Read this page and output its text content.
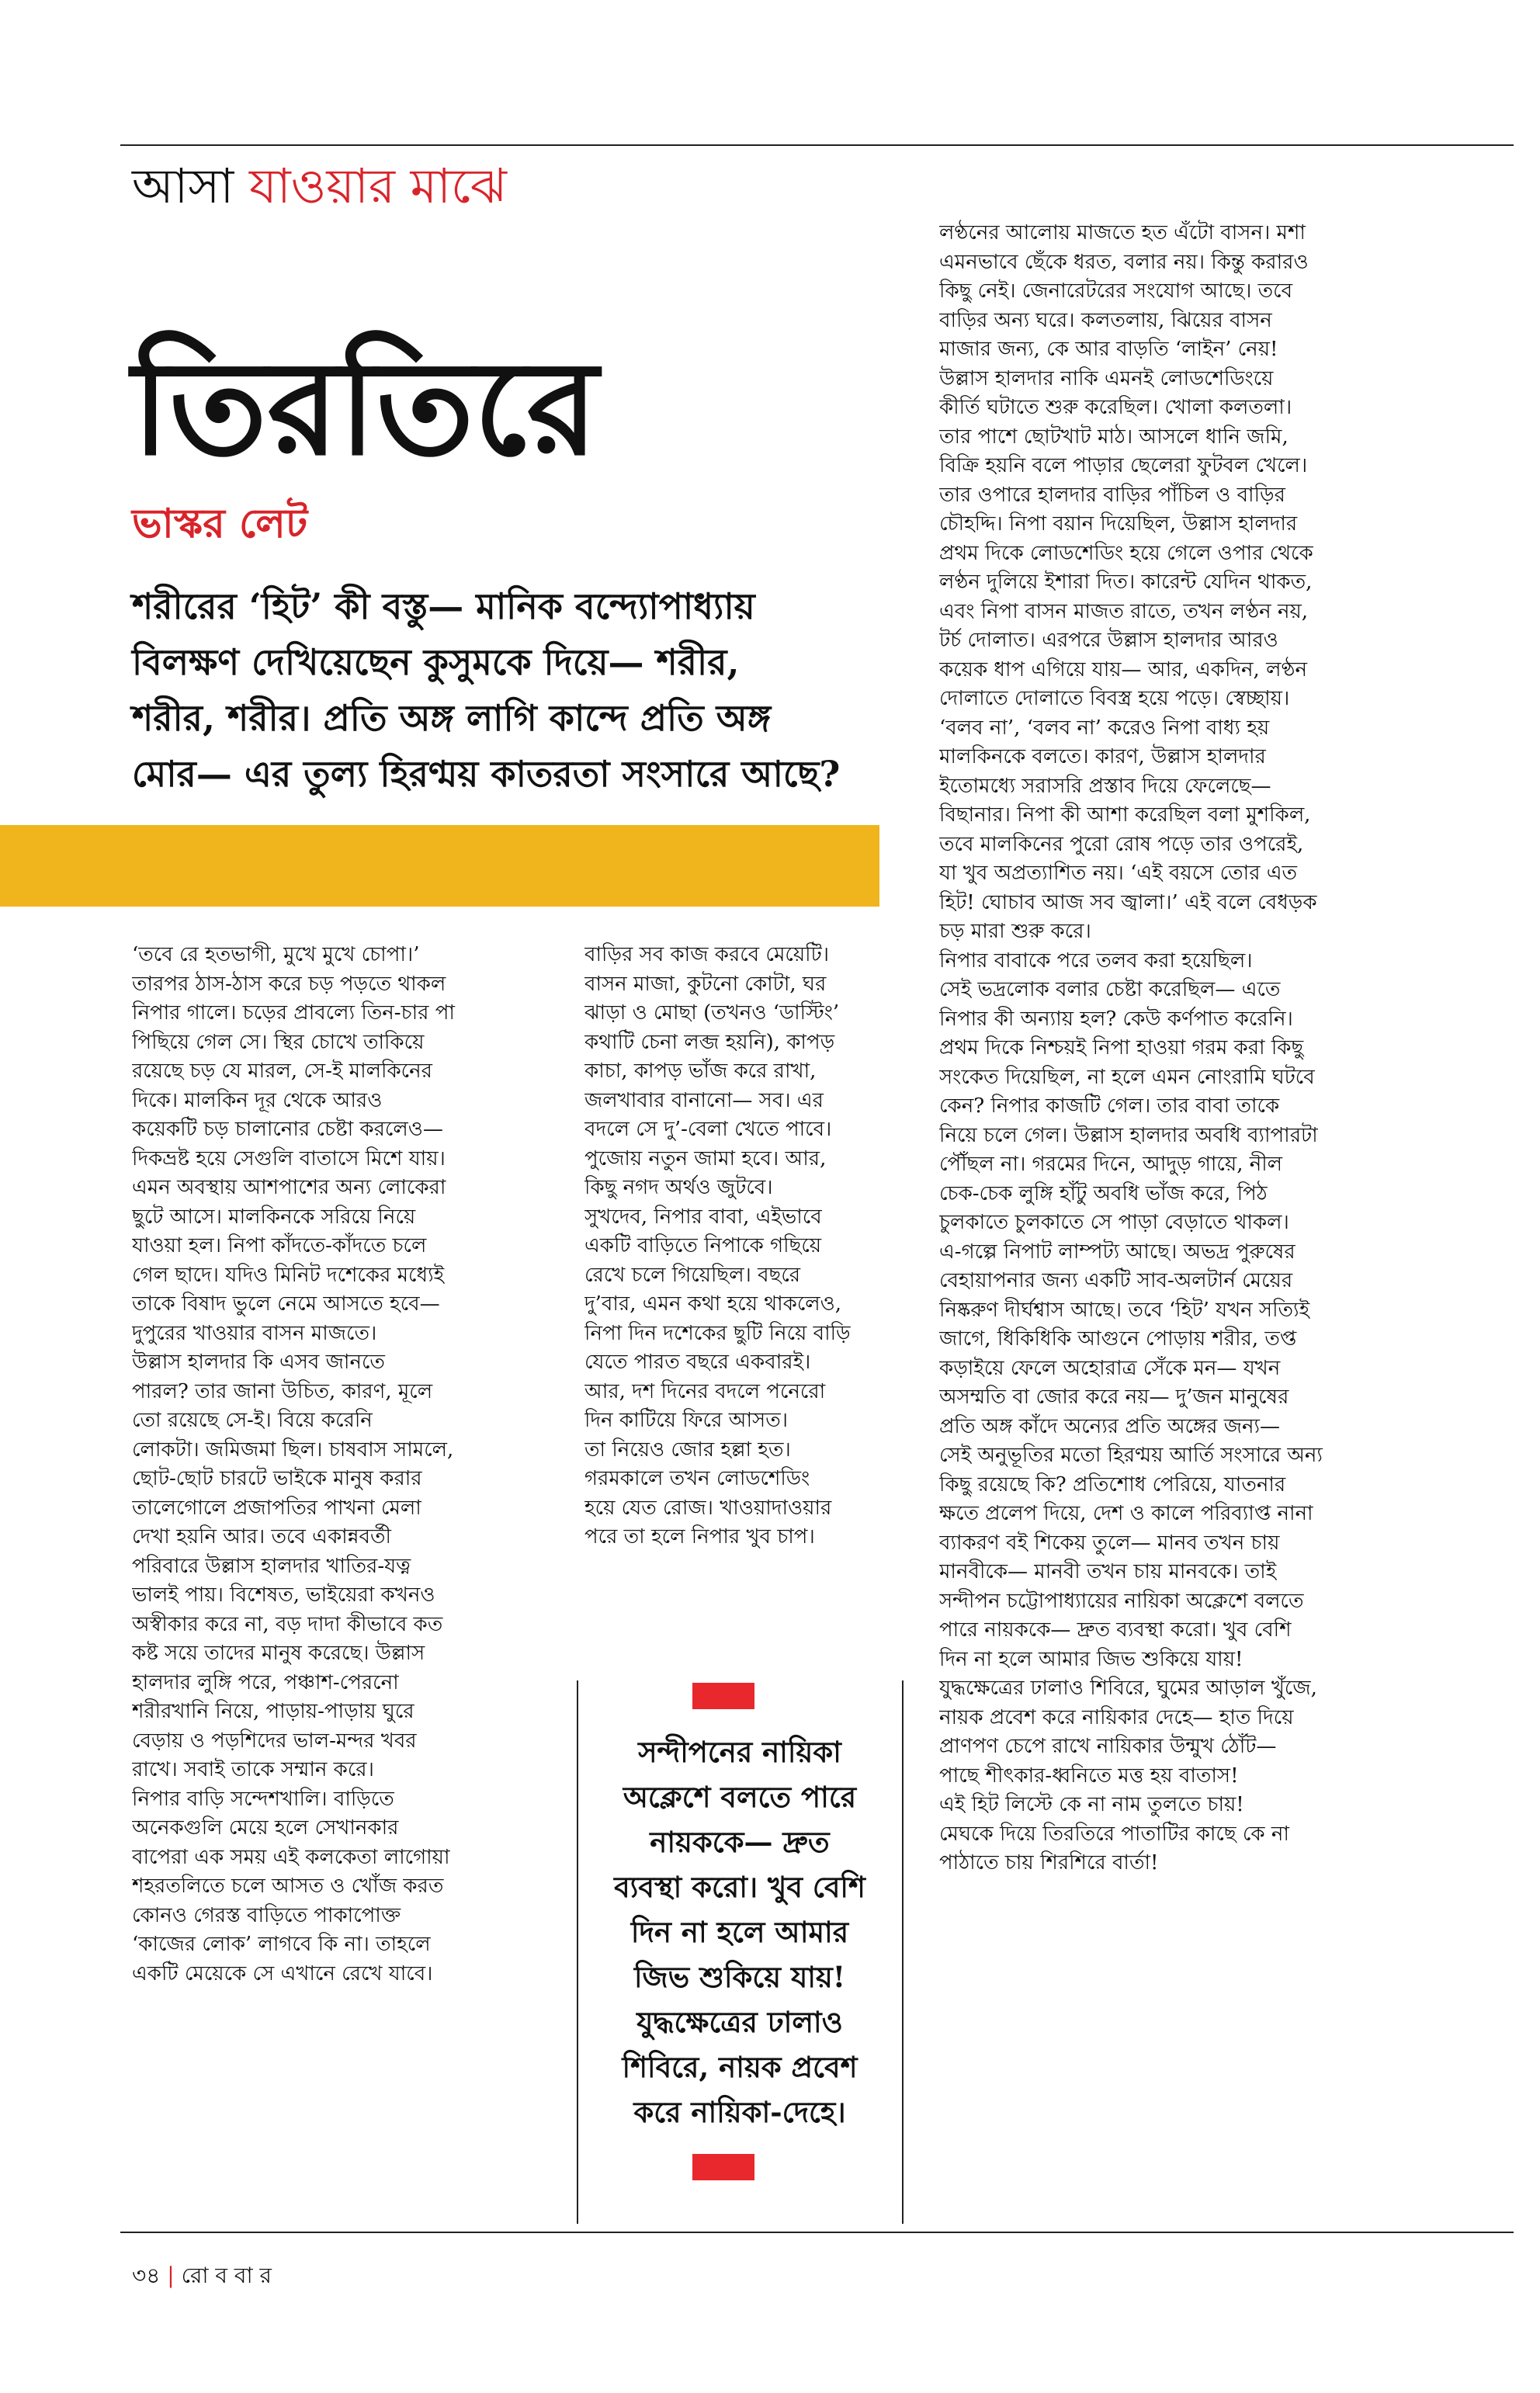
আসা যাওয়ার মাঝে
তিরতিরে
ভাস্কর লেট
শরীরের ‘হিট’ কী বস্তু— মানিক বন্দ্যোপাধ্যায়
বিলক্ষণ দেখিয়েছেন কুসুমকে দিয়ে— শরীর,
শরীর, শরীর। প্রতি অঙ্গ লাগি কান্দে প্রতি অঙ্গ
মোর— এর তুল্য হিরণ্ময় কাতরতা সংসারে আছে?

‘তবে রে হতভাগী, মুখে মুখে চোপা।’

তারপর ঠাস-ঠাস করে চড় পড়তে থাকল

নিপার গালে। চড়ের প্রাবল্যে তিন-চার পা

পিছিয়ে গেল সে। স্থির চোখে তাকিয়ে

রয়েছে চড় যে মারল, সে-ই মালকিনের

দিকে। মালকিন দূর থেকে আরও

কয়েকটি চড় চালানোর চেষ্টা করলেও—

দিকভ্রষ্ট হয়ে সেগুলি বাতাসে মিশে যায়।

এমন অবস্থায় আশপাশের অন্য লোকেরা

ছুটে আসে। মালকিনকে সরিয়ে নিয়ে

যাওয়া হল। নিপা কাঁদতে-কাঁদতে চলে

গেল ছাদে। যদিও মিনিট দশেকের মধ্যেই

তাকে বিষাদ ভুলে নেমে আসতে হবে—

দুপুরের খাওয়ার বাসন মাজতে।

উল্লাস হালদার কি এসব জানতে

পারল? তার জানা উচিত, কারণ, মূলে

তো রয়েছে সে-ই। বিয়ে করেনি

লোকটা। জমিজমা ছিল। চাষবাস সামলে,

ছোট-ছোট চারটে ভাইকে মানুষ করার

তালেগোলে প্রজাপতির পাখনা মেলা

দেখা হয়নি আর। তবে একান্নবর্তী

পরিবারে উল্লাস হালদার খাতির-যত্ন

ভালই পায়। বিশেষত, ভাইয়েরা কখনও

অস্বীকার করে না, বড় দাদা কীভাবে কত

কষ্ট সয়ে তাদের মানুষ করেছে। উল্লাস

হালদার লুঙ্গি পরে, পঞ্চাশ-পেরনো

শরীরখানি নিয়ে, পাড়ায়-পাড়ায় ঘুরে

বেড়ায় ও পড়শিদের ভাল-মন্দর খবর

রাখে। সবাই তাকে সম্মান করে।

নিপার বাড়ি সন্দেশখালি। বাড়িতে

অনেকগুলি মেয়ে হলে সেখানকার

বাপেরা এক সময় এই কলকেতা লাগোয়া

শহরতলিতে চলে আসত ও খোঁজ করত

কোনও গেরস্ত বাড়িতে পাকাপোক্ত

‘কাজের লোক’ লাগবে কি না। তাহলে

একটি মেয়েকে সে এখানে রেখে যাবে।

বাড়ির সব কাজ করবে মেয়েটি।

বাসন মাজা, কুটনো কোটা, ঘর

ঝাড়া ও মোছা (তখনও ‘ডাস্টিং’

কথাটি চেনা লব্জ হয়নি), কাপড়

কাচা, কাপড় ভাঁজ করে রাখা,

জলখাবার বানানো— সব। এর

বদলে সে দু’-বেলা খেতে পাবে।

পুজোয় নতুন জামা হবে। আর,

কিছু নগদ অর্থও জুটবে।

সুখদেব, নিপার বাবা, এইভাবে

একটি বাড়িতে নিপাকে গছিয়ে

রেখে চলে গিয়েছিল। বছরে

দু’বার, এমন কথা হয়ে থাকলেও,

নিপা দিন দশেকের ছুটি নিয়ে বাড়ি

যেতে পারত বছরে একবারই।

আর, দশ দিনের বদলে পনেরো

দিন কাটিয়ে ফিরে আসত।

তা নিয়েও জোর হল্লা হত।

গরমকালে তখন লোডশেডিং

হয়ে যেত রোজ। খাওয়াদাওয়ার

পরে তা হলে নিপার খুব চাপ।

সন্দীপনের নায়িকা
অক্লেশে বলতে পারে
নায়ককে— দ্রুত
ব্যবস্থা করো। খুব বেশি
দিন না হলে আমার
জিভ শুকিয়ে যায়!
যুদ্ধক্ষেত্রের ঢালাও
শিবিরে, নায়ক প্রবেশ
করে নায়িকা-দেহে।

লণ্ঠনের আলোয় মাজতে হত এঁটো বাসন। মশা

এমনভাবে ছেঁকে ধরত, বলার নয়। কিন্তু করারও

কিছু নেই। জেনারেটরের সংযোগ আছে। তবে

বাড়ির অন্য ঘরে। কলতলায়, ঝিয়ের বাসন

মাজার জন্য, কে আর বাড়তি ‘লাইন’ নেয়!

উল্লাস হালদার নাকি এমনই লোডশেডিংয়ে

কীর্তি ঘটাতে শুরু করেছিল। খোলা কলতলা।

তার পাশে ছোটখাট মাঠ। আসলে ধানি জমি,

বিক্রি হয়নি বলে পাড়ার ছেলেরা ফুটবল খেলে।

তার ওপারে হালদার বাড়ির পাঁচিল ও বাড়ির

চৌহদ্দি। নিপা বয়ান দিয়েছিল, উল্লাস হালদার

প্রথম দিকে লোডশেডিং হয়ে গেলে ওপার থেকে

লণ্ঠন দুলিয়ে ইশারা দিত। কারেন্ট যেদিন থাকত,

এবং নিপা বাসন মাজত রাতে, তখন লণ্ঠন নয়,

টর্চ দোলাত। এরপরে উল্লাস হালদার আরও

কয়েক ধাপ এগিয়ে যায়— আর, একদিন, লণ্ঠন

দোলাতে দোলাতে বিবস্ত্র হয়ে পড়ে। স্বেচ্ছায়।

‘বলব না’, ‘বলব না’ করেও নিপা বাধ্য হয়

মালকিনকে বলতে। কারণ, উল্লাস হালদার

ইতোমধ্যে সরাসরি প্রস্তাব দিয়ে ফেলেছে—

বিছানার। নিপা কী আশা করেছিল বলা মুশকিল,

তবে মালকিনের পুরো রোষ পড়ে তার ওপরেই,

যা খুব অপ্রত্যাশিত নয়। ‘এই বয়সে তোর এত

হিট! ঘোচাব আজ সব জ্বালা।’ এই বলে বেধড়ক

চড় মারা শুরু করে।

নিপার বাবাকে পরে তলব করা হয়েছিল।

সেই ভদ্রলোক বলার চেষ্টা করেছিল— এতে

নিপার কী অন্যায় হল? কেউ কর্ণপাত করেনি।

প্রথম দিকে নিশ্চয়ই নিপা হাওয়া গরম করা কিছু

সংকেত দিয়েছিল, না হলে এমন নোংরামি ঘটবে

কেন? নিপার কাজটি গেল। তার বাবা তাকে

নিয়ে চলে গেল। উল্লাস হালদার অবধি ব্যাপারটা

পৌঁছল না। গরমের দিনে, আদুড় গায়ে, নীল

চেক-চেক লুঙ্গি হাঁটু অবধি ভাঁজ করে, পিঠ

চুলকাতে চুলকাতে সে পাড়া বেড়াতে থাকল।

এ-গল্পে নিপাট লাম্পট্য আছে। অভদ্র পুরুষের

বেহায়াপনার জন্য একটি সাব-অলটার্ন মেয়ের

নিষ্করুণ দীর্ঘশ্বাস আছে। তবে ‘হিট’ যখন সত্যিই

জাগে, ধিকিধিকি আগুনে পোড়ায় শরীর, তপ্ত

কড়াইয়ে ফেলে অহোরাত্র সেঁকে মন— যখন

অসম্মতি বা জোর করে নয়— দু’জন মানুষের

প্রতি অঙ্গ কাঁদে অন্যের প্রতি অঙ্গের জন্য—

সেই অনুভূতির মতো হিরণ্ময় আর্তি সংসারে অন্য

কিছু রয়েছে কি? প্রতিশোধ পেরিয়ে, যাতনার

ক্ষতে প্রলেপ দিয়ে, দেশ ও কালে পরিব্যাপ্ত নানা

ব্যাকরণ বই শিকেয় তুলে— মানব তখন চায়

মানবীকে— মানবী তখন চায় মানবকে। তাই

সন্দীপন চট্টোপাধ্যায়ের নায়িকা অক্লেশে বলতে

পারে নায়ককে— দ্রুত ব্যবস্থা করো। খুব বেশি

দিন না হলে আমার জিভ শুকিয়ে যায়!

যুদ্ধক্ষেত্রের ঢালাও শিবিরে, ঘুমের আড়াল খুঁজে,

নায়ক প্রবেশ করে নায়িকার দেহে— হাত দিয়ে

প্রাণপণ চেপে রাখে নায়িকার উন্মুখ ঠোঁট—

পাছে শীৎকার-ধ্বনিতে মত্ত হয় বাতাস!

এই হিট লিস্টে কে না নাম তুলতে চায়!

মেঘকে দিয়ে তিরতিরে পাতাটির কাছে কে না

পাঠাতে চায় শিরশিরে বার্তা!

৩৪ | রো ব বা র
